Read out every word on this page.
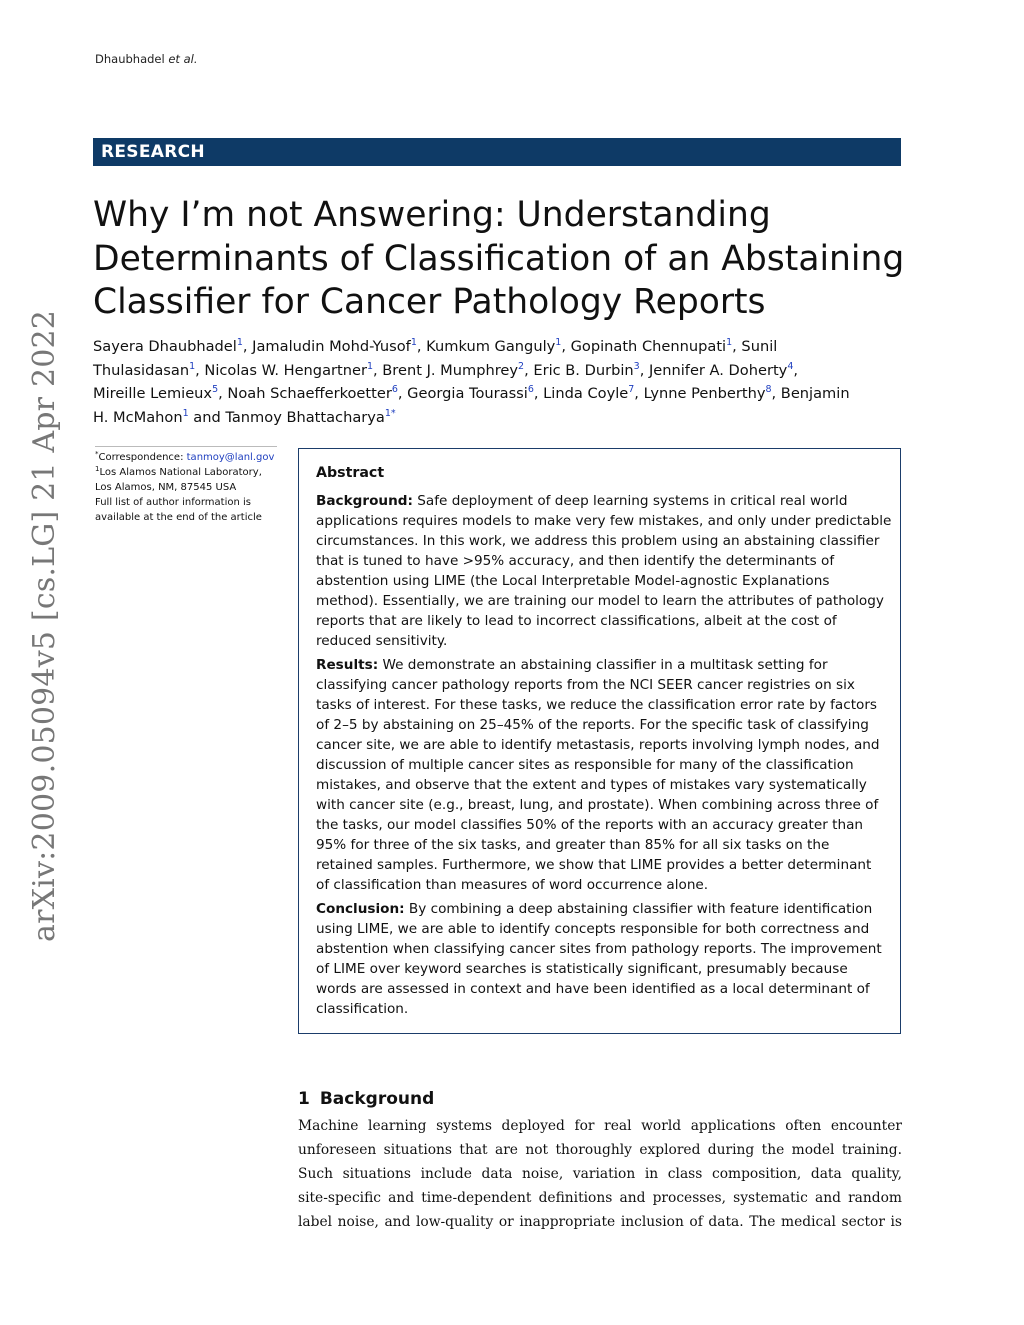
Dhaubhadel et al.
RESEARCH
Why I’m not Answering: Understanding
Determinants of Classification of an Abstaining
Classifier for Cancer Pathology Reports
Sayera Dhaubhadel$^1$, Jamaludin Mohd-Yusof$^1$, Kumkum Ganguly$^1$, Gopinath Chennupati$^1$, Sunil
Thulasidasan$^1$, Nicolas W. Hengartner$^1$, Brent J. Mumphrey$^2$, Eric B. Durbin$^3$, Jennifer A. Doherty$^4$,
Mireille Lemieux$^5$, Noah Schaefferkoetter$^6$, Georgia Tourassi$^6$, Linda Coyle$^7$, Lynne Penberthy$^8$, Benjamin
H. McMahon$^1$ and Tanmoy Bhattacharya$^{1*}$
arXiv:2009.05094v5 [cs.LG] 21 Apr 2022	*Correspondence: tanmoy@lanl.gov
$^1$Los Alamos National Laboratory,
Los Alamos, NM, 87545 USA
Full list of author information is
available at the end of the article
Abstract
Background: Safe deployment of deep learning systems in critical real world
applications requires models to make very few mistakes, and only under predictable
circumstances. In this work, we address this problem using an abstaining classifier
that is tuned to have >95% accuracy, and then identify the determinants of
abstention using LIME (the Local Interpretable Model-agnostic Explanations
method). Essentially, we are training our model to learn the attributes of pathology
reports that are likely to lead to incorrect classifications, albeit at the cost of
reduced sensitivity.
Results: We demonstrate an abstaining classifier in a multitask setting for
classifying cancer pathology reports from the NCI SEER cancer registries on six
tasks of interest. For these tasks, we reduce the classification error rate by factors
of 2–5 by abstaining on 25–45% of the reports. For the specific task of classifying
cancer site, we are able to identify metastasis, reports involving lymph nodes, and
discussion of multiple cancer sites as responsible for many of the classification
mistakes, and observe that the extent and types of mistakes vary systematically
with cancer site (e.g., breast, lung, and prostate). When combining across three of
the tasks, our model classifies 50% of the reports with an accuracy greater than
95% for three of the six tasks, and greater than 85% for all six tasks on the
retained samples. Furthermore, we show that LIME provides a better determinant
of classification than measures of word occurrence alone.
Conclusion: By combining a deep abstaining classifier with feature identification
using LIME, we are able to identify concepts responsible for both correctness and
abstention when classifying cancer sites from pathology reports. The improvement
of LIME over keyword searches is statistically significant, presumably because
words are assessed in context and have been identified as a local determinant of
classification.
1 Background
Machine learning systems deployed for real world applications often encounter
unforeseen situations that are not thoroughly explored during the model training.
Such situations include data noise, variation in class composition, data quality,
site-specific and time-dependent definitions and processes, systematic and random
label noise, and low-quality or inappropriate inclusion of data. The medical sector is
